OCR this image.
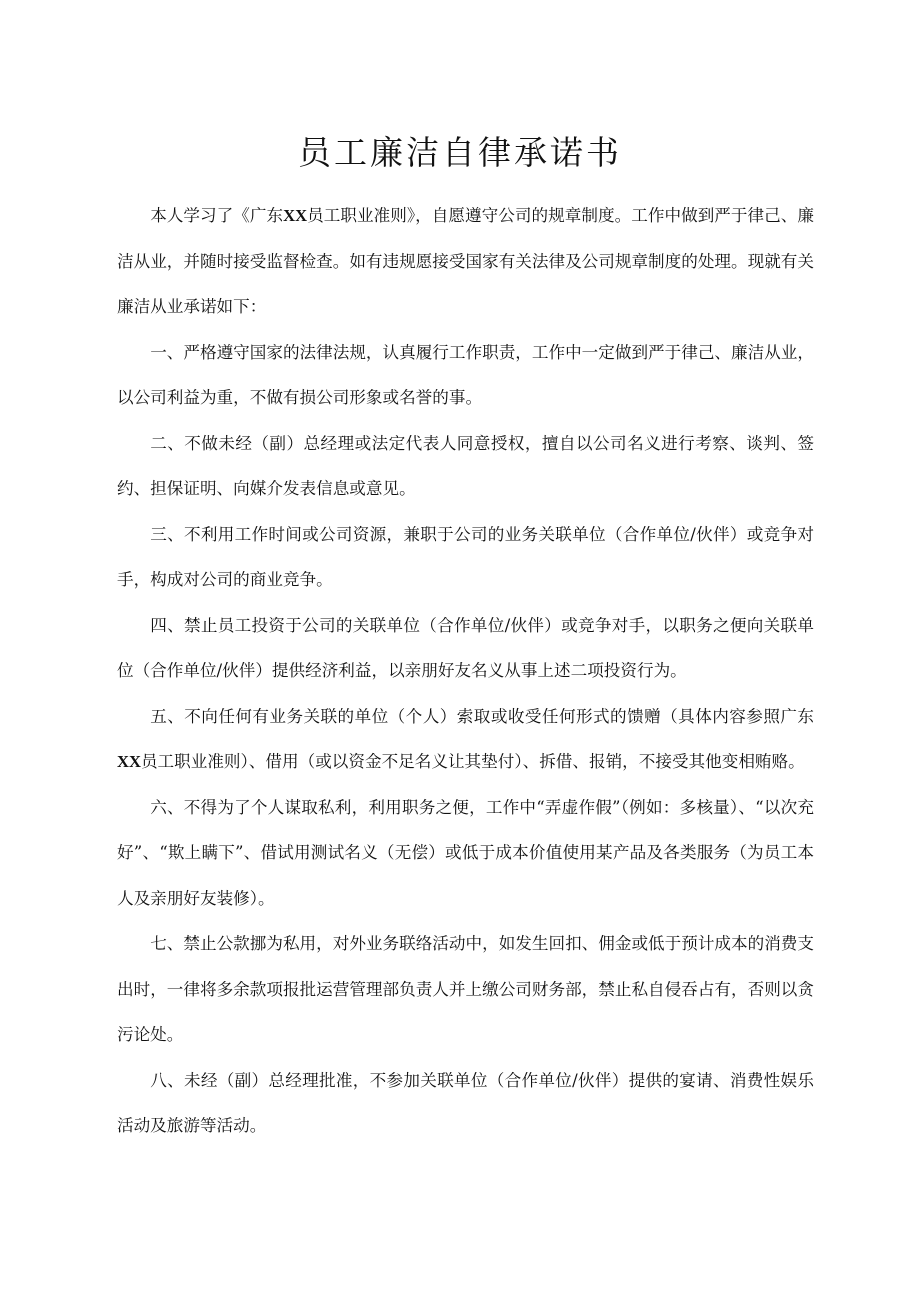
员工廉洁自律承诺书

本人学习了《广东XX员工职业准则》，自愿遵守公司的规章制度。工作中做到严于律己、廉洁从业，并随时接受监督检查。如有违规愿接受国家有关法律及公司规章制度的处理。现就有关廉洁从业承诺如下：

一、严格遵守国家的法律法规，认真履行工作职责，工作中一定做到严于律己、廉洁从业，以公司利益为重，不做有损公司形象或名誉的事。

二、不做未经（副）总经理或法定代表人同意授权，擅自以公司名义进行考察、谈判、签约、担保证明、向媒介发表信息或意见。

三、不利用工作时间或公司资源，兼职于公司的业务关联单位（合作单位/伙伴）或竞争对手，构成对公司的商业竞争。

四、禁止员工投资于公司的关联单位（合作单位/伙伴）或竞争对手，以职务之便向关联单位（合作单位/伙伴）提供经济利益，以亲朋好友名义从事上述二项投资行为。

五、不向任何有业务关联的单位（个人）索取或收受任何形式的馈赠（具体内容参照广东XX员工职业准则）、借用（或以资金不足名义让其垫付）、拆借、报销，不接受其他变相贿赂。

六、不得为了个人谋取私利，利用职务之便，工作中“弄虚作假”（例如：多核量）、“以次充好”、“欺上瞒下”、借试用测试名义（无偿）或低于成本价值使用某产品及各类服务（为员工本人及亲朋好友装修）。

七、禁止公款挪为私用，对外业务联络活动中，如发生回扣、佣金或低于预计成本的消费支出时，一律将多余款项报批运营管理部负责人并上缴公司财务部，禁止私自侵吞占有，否则以贪污论处。

八、未经（副）总经理批准，不参加关联单位（合作单位/伙伴）提供的宴请、消费性娱乐活动及旅游等活动。
